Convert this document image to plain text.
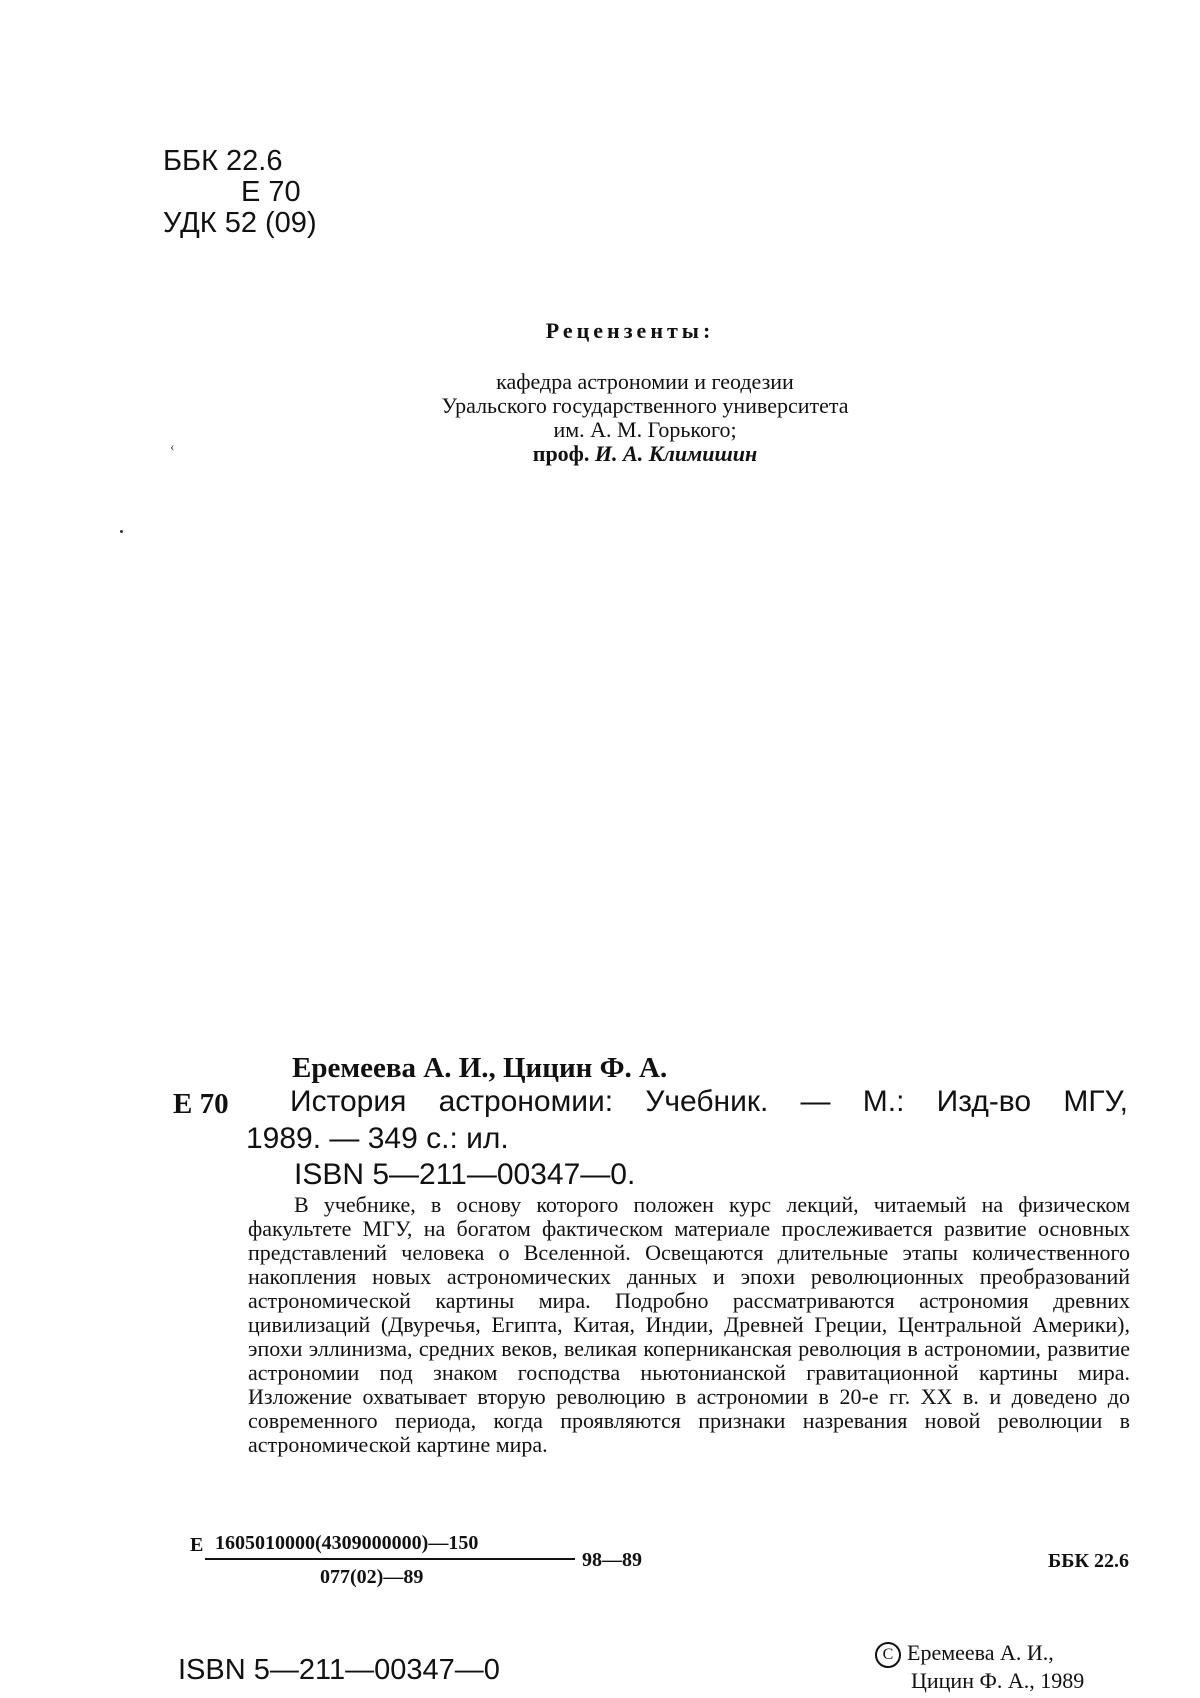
ББК 22.6
Е 70
УДК 52 (09)
Рецензенты:
кафедра астрономии и геодезии
Уральского государственного университета
им. А. М. Горького;
проф. И. А. Климишин
‹
Еремеева А. И., Цицин Ф. А.
Е 70 История астрономии: Учебник. — М.: Изд-во МГУ,
1989. — 349 с.: ил.
ISBN 5—211—00347—0.
В учебнике, в основу которого положен курс лекций, читаемый на физическом факультете МГУ, на богатом фактическом материале прослеживается развитие основных представлений человека о Вселенной. Освещаются длительные этапы количественного накопления новых астрономических данных и эпохи революционных преобразований астрономической картины мира. Подробно рассматриваются астрономия древних цивилизаций (Двуречья, Египта, Китая, Индии, Древней Греции, Центральной Америки), эпохи эллинизма, средних веков, великая коперниканская революция в астрономии, развитие астрономии под знаком господства ньютонианской гравитационной картины мира. Изложение охватывает вторую революцию в астрономии в 20-е гг. XX в. и доведено до современного периода, когда проявляются признаки назревания новой революции в астрономической картине мира.
Е 1605010000(4309000000)—150
077(02)—89
98—89	ББК 22.6
ISBN 5—211—00347—0	С Еремеева А. И.,
Цицин Ф. А., 1989
